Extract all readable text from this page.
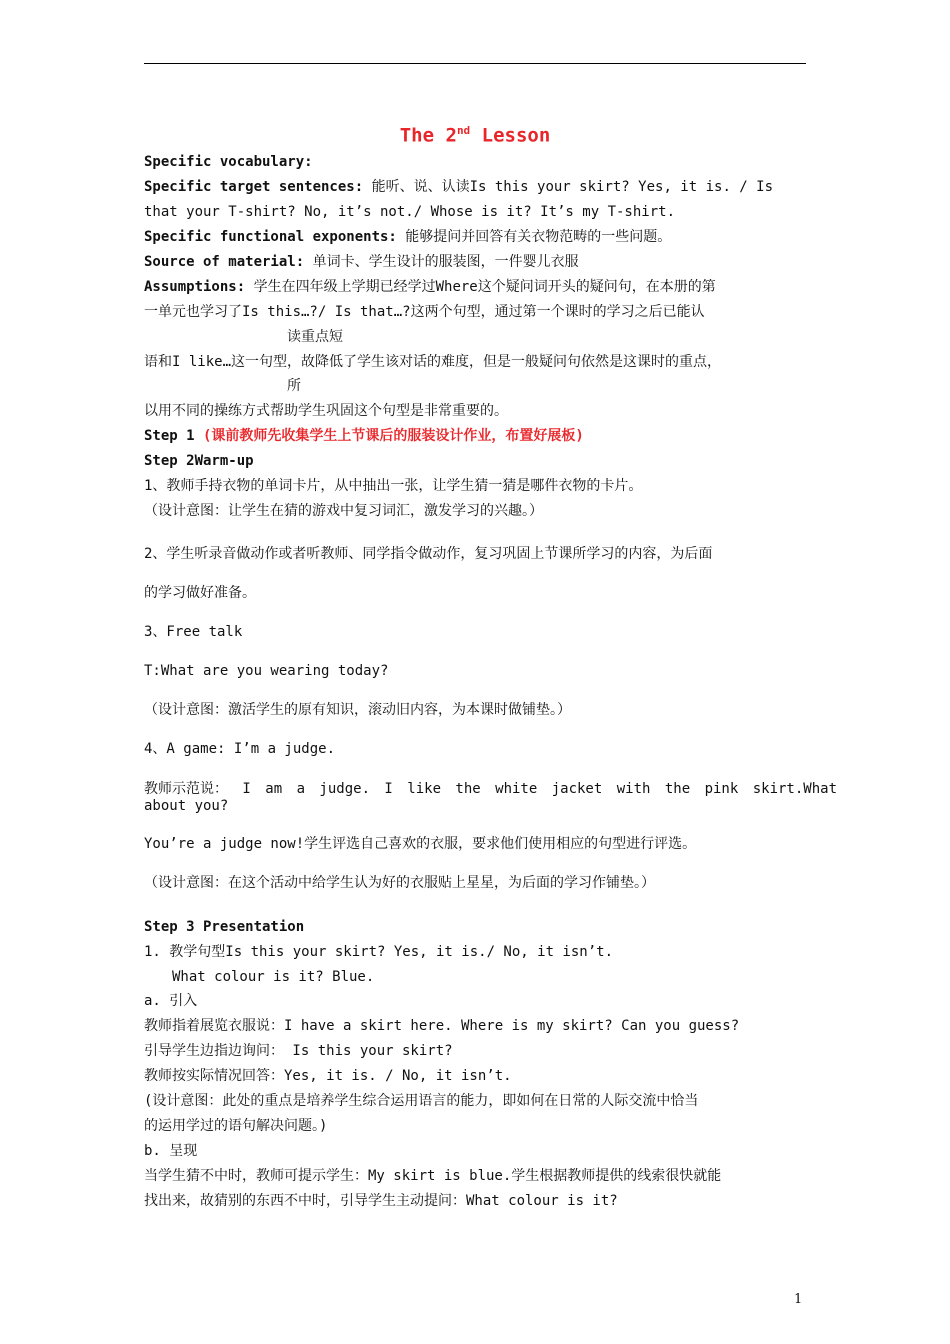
The 2nd Lesson
Specific vocabulary:
Specific target sentences: 能听、说、认读Is this your skirt? Yes, it is. / Is
that your T-shirt? No, it’s not./ Whose is it? It’s my T-shirt.
Specific functional exponents: 能够提问并回答有关衣物范畴的一些问题。
Source of material: 单词卡、学生设计的服装图，一件婴儿衣服
Assumptions: 学生在四年级上学期已经学过Where这个疑问词开头的疑问句，在本册的第
一单元也学习了Is this…?/ Is that…?这两个句型，通过第一个课时的学习之后已能认
读重点短
语和I like…这一句型，故降低了学生该对话的难度，但是一般疑问句依然是这课时的重点，
所
以用不同的操练方式帮助学生巩固这个句型是非常重要的。
Step 1 (课前教师先收集学生上节课后的服装设计作业，布置好展板)
Step 2Warm-up
1、教师手持衣物的单词卡片，从中抽出一张，让学生猜一猜是哪件衣物的卡片。
（设计意图：让学生在猜的游戏中复习词汇，激发学习的兴趣。）
2、学生听录音做动作或者听教师、同学指令做动作，复习巩固上节课所学习的内容，为后面
的学习做好准备。
3、Free talk
T:What are you wearing today?
（设计意图：激活学生的原有知识，滚动旧内容，为本课时做铺垫。）
4、A game: I’m a judge.
教师示范说： I am a judge. I like the white jacket with the pink skirt.What
about you?
You’re a judge now!学生评选自己喜欢的衣服，要求他们使用相应的句型进行评选。
（设计意图：在这个活动中给学生认为好的衣服贴上星星，为后面的学习作铺垫。）
Step 3 Presentation
1. 教学句型Is this your skirt? Yes, it is./ No, it isn’t.
What colour is it? Blue.
a. 引入
教师指着展览衣服说：I have a skirt here. Where is my skirt? Can you guess?
引导学生边指边询问： Is this your skirt?
教师按实际情况回答：Yes, it is. / No, it isn’t.
(设计意图：此处的重点是培养学生综合运用语言的能力，即如何在日常的人际交流中恰当
的运用学过的语句解决问题。)
b. 呈现
当学生猜不中时，教师可提示学生：My skirt is blue.学生根据教师提供的线索很快就能
找出来，故猜别的东西不中时，引导学生主动提问：What colour is it?
1
